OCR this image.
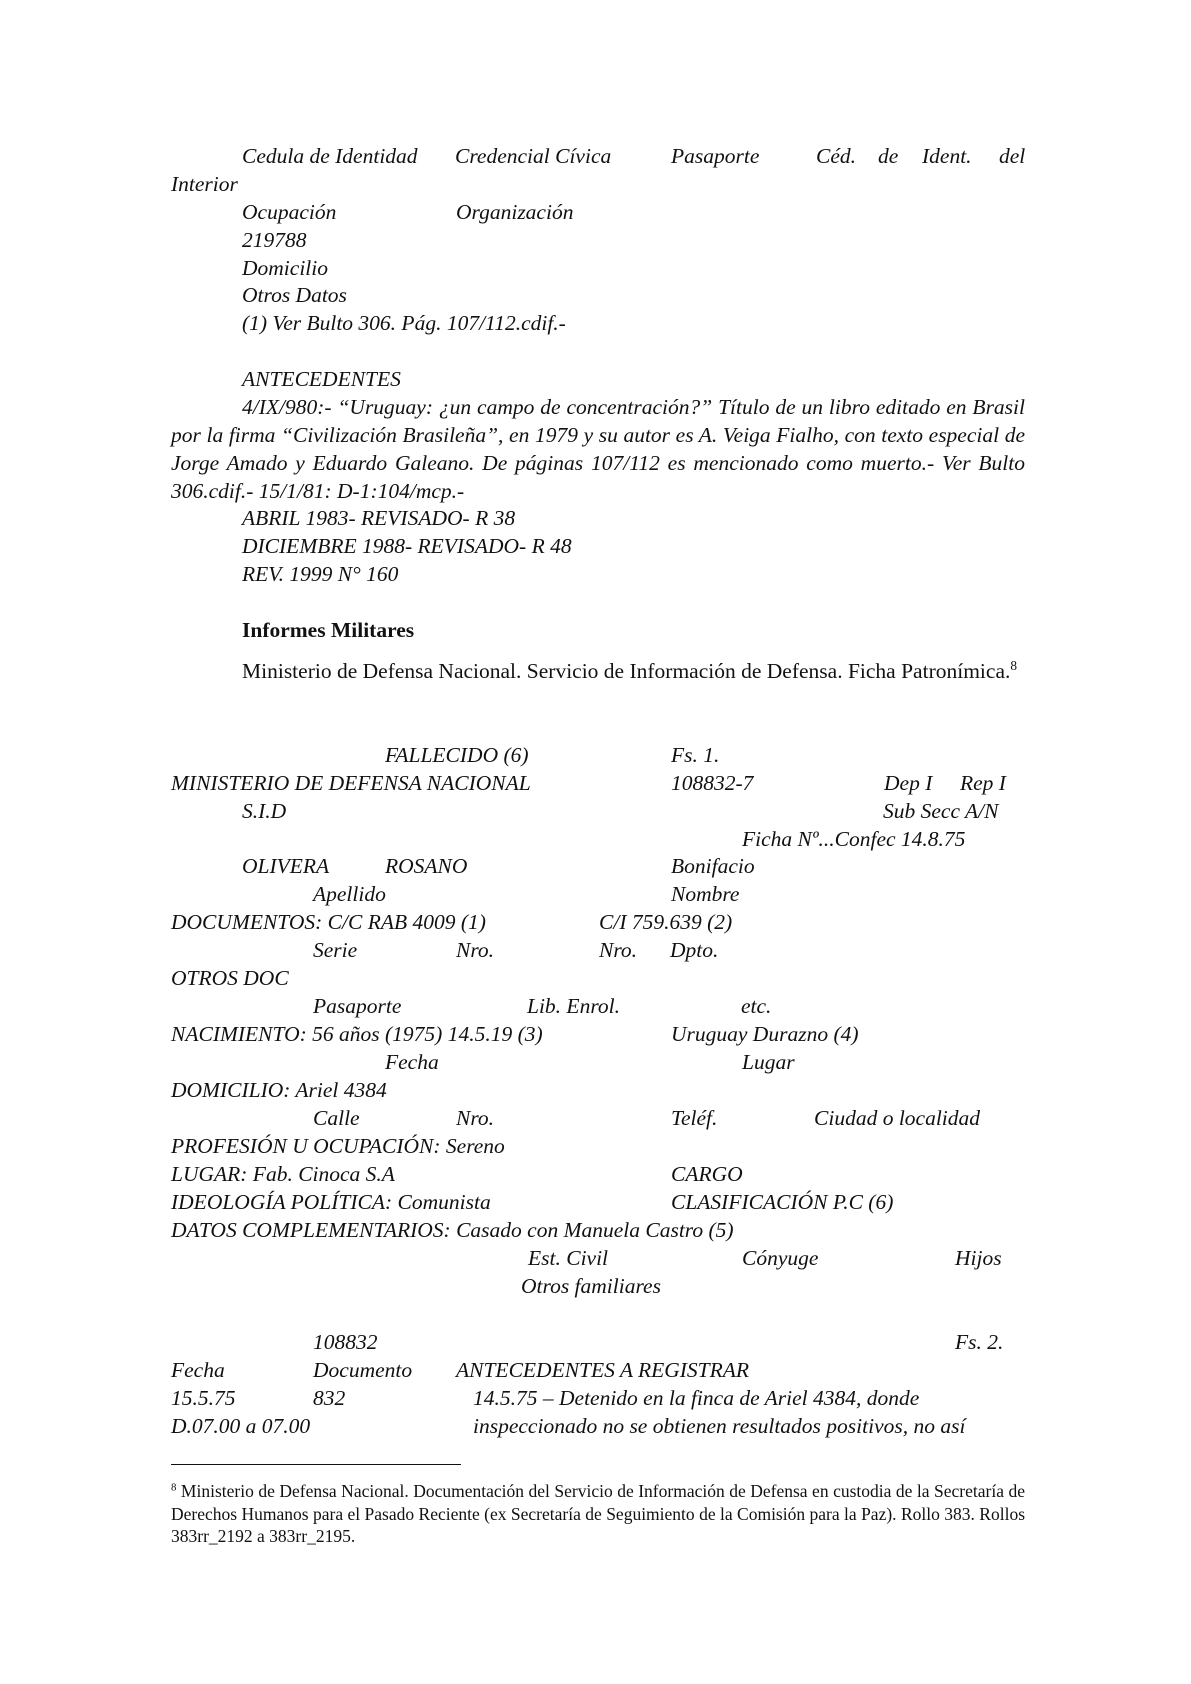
Cedula de Identidad Credencial Cívica	Pasaporte	Céd. de Ident. del
Interior
Ocupación	Organización
219788
Domicilio
Otros Datos
(1) Ver Bulto 306. Pág. 107/112.cdif.-
ANTECEDENTES
4/IX/980:- “Uruguay: ¿un campo de concentración?” Título de un libro editado en Brasil por la firma “Civilización Brasileña”, en 1979 y su autor es A. Veiga Fialho, con texto especial de Jorge Amado y Eduardo Galeano. De páginas 107/112 es mencionado como muerto.- Ver Bulto 306.cdif.- 15/1/81: D-1:104/mcp.-
ABRIL 1983- REVISADO- R 38
DICIEMBRE 1988- REVISADO- R 48
REV. 1999 N° 160
Informes Militares
Ministerio de Defensa Nacional. Servicio de Información de Defensa. Ficha Patronímica.$^8$
FALLECIDO (6)	Fs. 1.
MINISTERIO DE DEFENSA NACIONAL	108832-7	Dep I Rep I
S.I.D	Sub Secc A/N
Ficha Nº...Confec 14.8.75
OLIVERA	ROSANO	Bonifacio
Apellido	Nombre
DOCUMENTOS: C/C RAB 4009 (1)	C/I 759.639 (2)
Serie	Nro.	Nro. Dpto.
OTROS DOC
Pasaporte	Lib. Enrol.	etc.
NACIMIENTO: 56 años (1975) 14.5.19 (3)	Uruguay Durazno (4)
Fecha	Lugar
DOMICILIO: Ariel 4384
Calle	Nro.	Teléf.	Ciudad o localidad
PROFESIÓN U OCUPACIÓN: Sereno
LUGAR: Fab. Cinoca S.A	CARGO
IDEOLOGÍA POLÍTICA: Comunista	CLASIFICACIÓN P.C (6)
DATOS COMPLEMENTARIOS: Casado con Manuela Castro (5)
Est. Civil	Cónyuge	Hijos
Otros familiares
108832	Fs. 2.
Fecha	Documento ANTECEDENTES A REGISTRAR
15.5.75	832	14.5.75 – Detenido en la finca de Ariel 4384, donde
D.07.00 a 07.00	inspeccionado no se obtienen resultados positivos, no así
$^8$ Ministerio de Defensa Nacional. Documentación del Servicio de Información de Defensa en custodia de la Secretaría de Derechos Humanos para el Pasado Reciente (ex Secretaría de Seguimiento de la Comisión para la Paz). Rollo 383. Rollos 383rr_2192 a 383rr_2195.
